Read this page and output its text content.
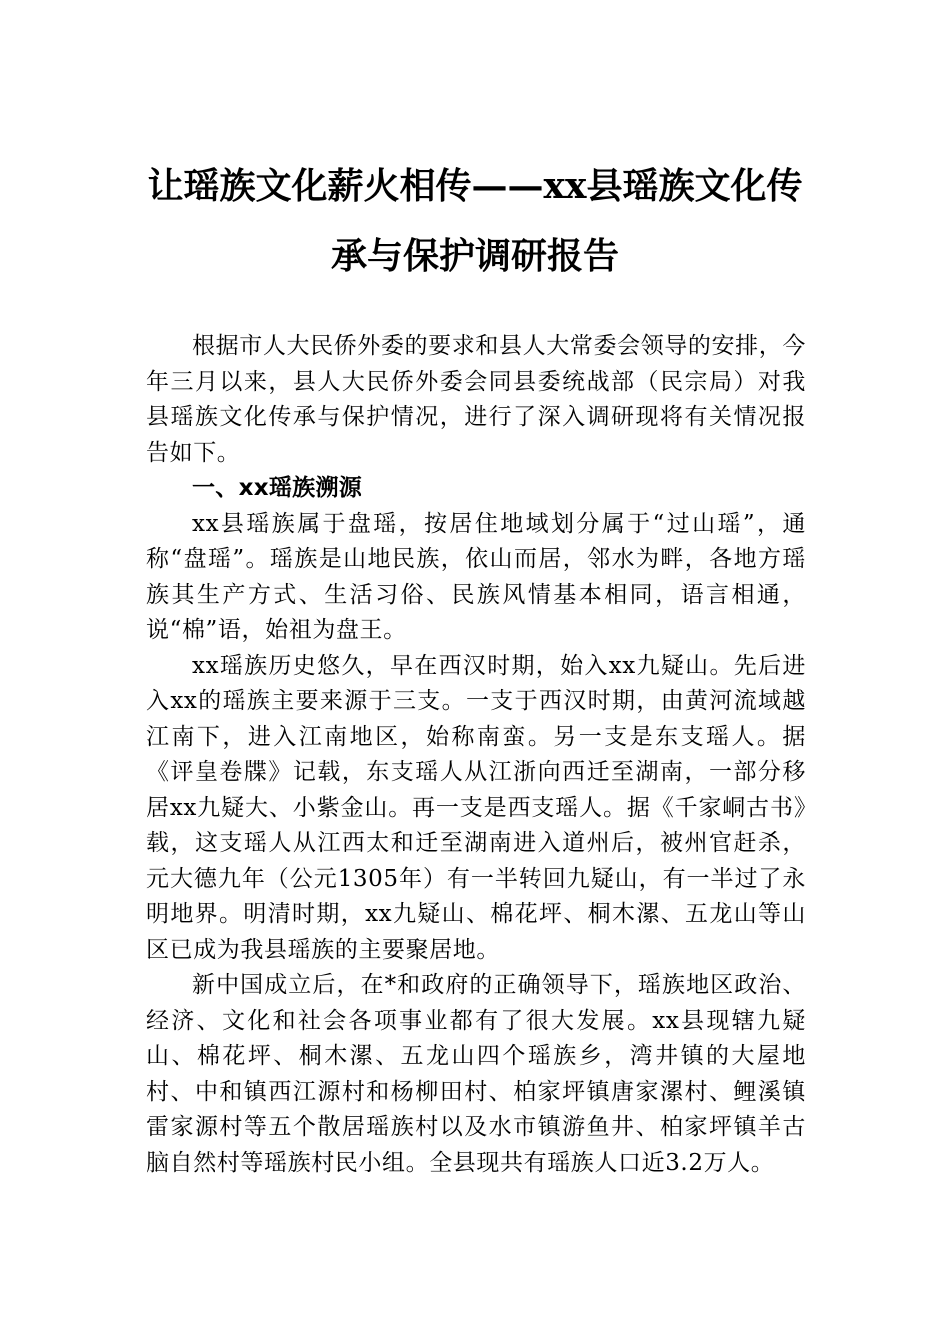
让瑶族文化薪火相传——xx县瑶族文化传
承与保护调研报告

根据市人大民侨外委的要求和县人大常委会领导的安排，今年三月以来，县人大民侨外委会同县委统战部（民宗局）对我县瑶族文化传承与保护情况，进行了深入调研现将有关情况报告如下。

一、xx瑶族溯源

xx县瑶族属于盘瑶，按居住地域划分属于“过山瑶”，通称“盘瑶”。瑶族是山地民族，依山而居，邻水为畔，各地方瑶族其生产方式、生活习俗、民族风情基本相同，语言相通，说“棉”语，始祖为盘王。

xx瑶族历史悠久，早在西汉时期，始入xx九疑山。先后进入xx的瑶族主要来源于三支。一支于西汉时期，由黄河流域越江南下，进入江南地区，始称南蛮。另一支是东支瑶人。据《评皇卷牒》记载，东支瑶人从江浙向西迁至湖南，一部分移居xx九疑大、小紫金山。再一支是西支瑶人。据《千家峒古书》载，这支瑶人从江西太和迁至湖南进入道州后，被州官赶杀，元大德九年（公元1305年）有一半转回九疑山，有一半过了永明地界。明清时期，xx九疑山、棉花坪、桐木漯、五龙山等山区已成为我县瑶族的主要聚居地。

新中国成立后，在*和政府的正确领导下，瑶族地区政治、经济、文化和社会各项事业都有了很大发展。xx县现辖九疑山、棉花坪、桐木漯、五龙山四个瑶族乡，湾井镇的大屋地村、中和镇西江源村和杨柳田村、柏家坪镇唐家漯村、鲤溪镇雷家源村等五个散居瑶族村以及水市镇游鱼井、柏家坪镇羊古脑自然村等瑶族村民小组。全县现共有瑶族人口近3.2万人。
